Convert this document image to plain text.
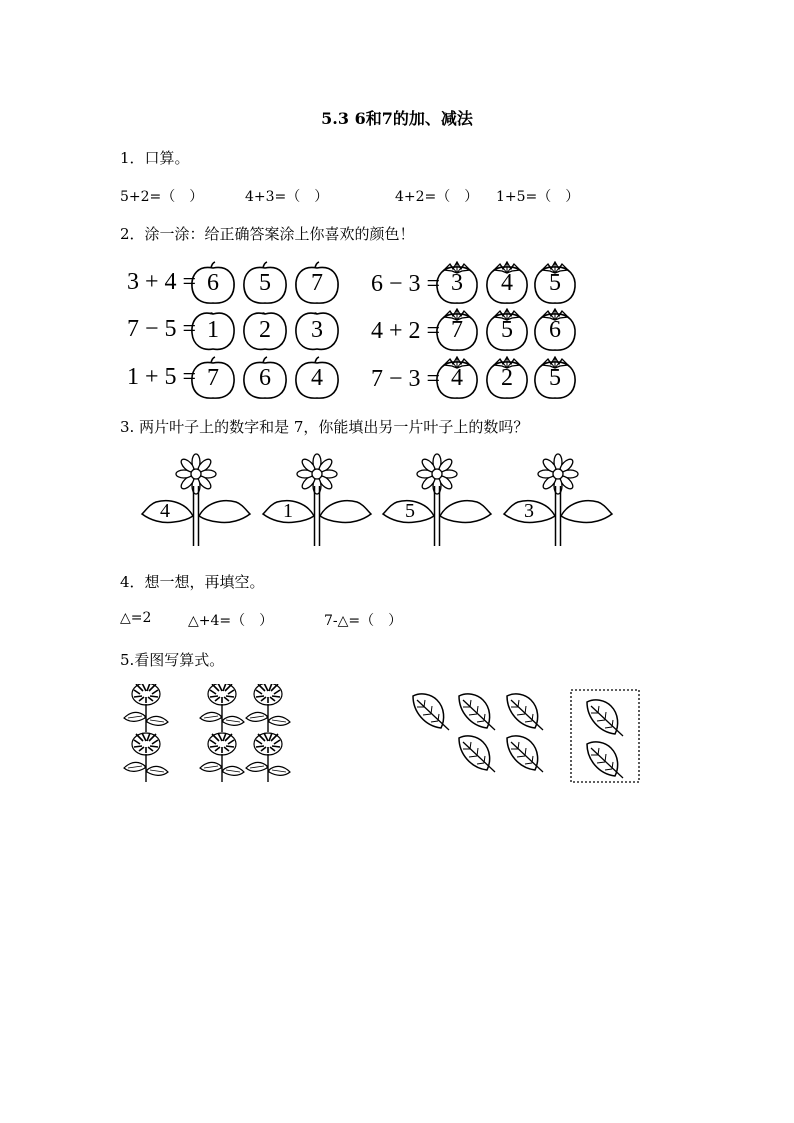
5.3 6和7的加、减法
1．口算。
5+2=（　）	4+3=（　）	4+2=（　） 1+5=（　）
2．涂一涂：给正确答案涂上你喜欢的颜色！
3 + 4 = 6	5	7
7 − 5 = 1	2	3
1 + 5 = 7	6	4
6 − 3 = 3	4	5
4 + 2 = 7	5	6
7 − 3 = 4	2	5
3. 两片叶子上的数字和是 7，你能填出另一片叶子上的数吗？
4	1	5	3
4．想一想，再填空。
△=2	△+4=（　）	7-△=（　）
5.看图写算式。
